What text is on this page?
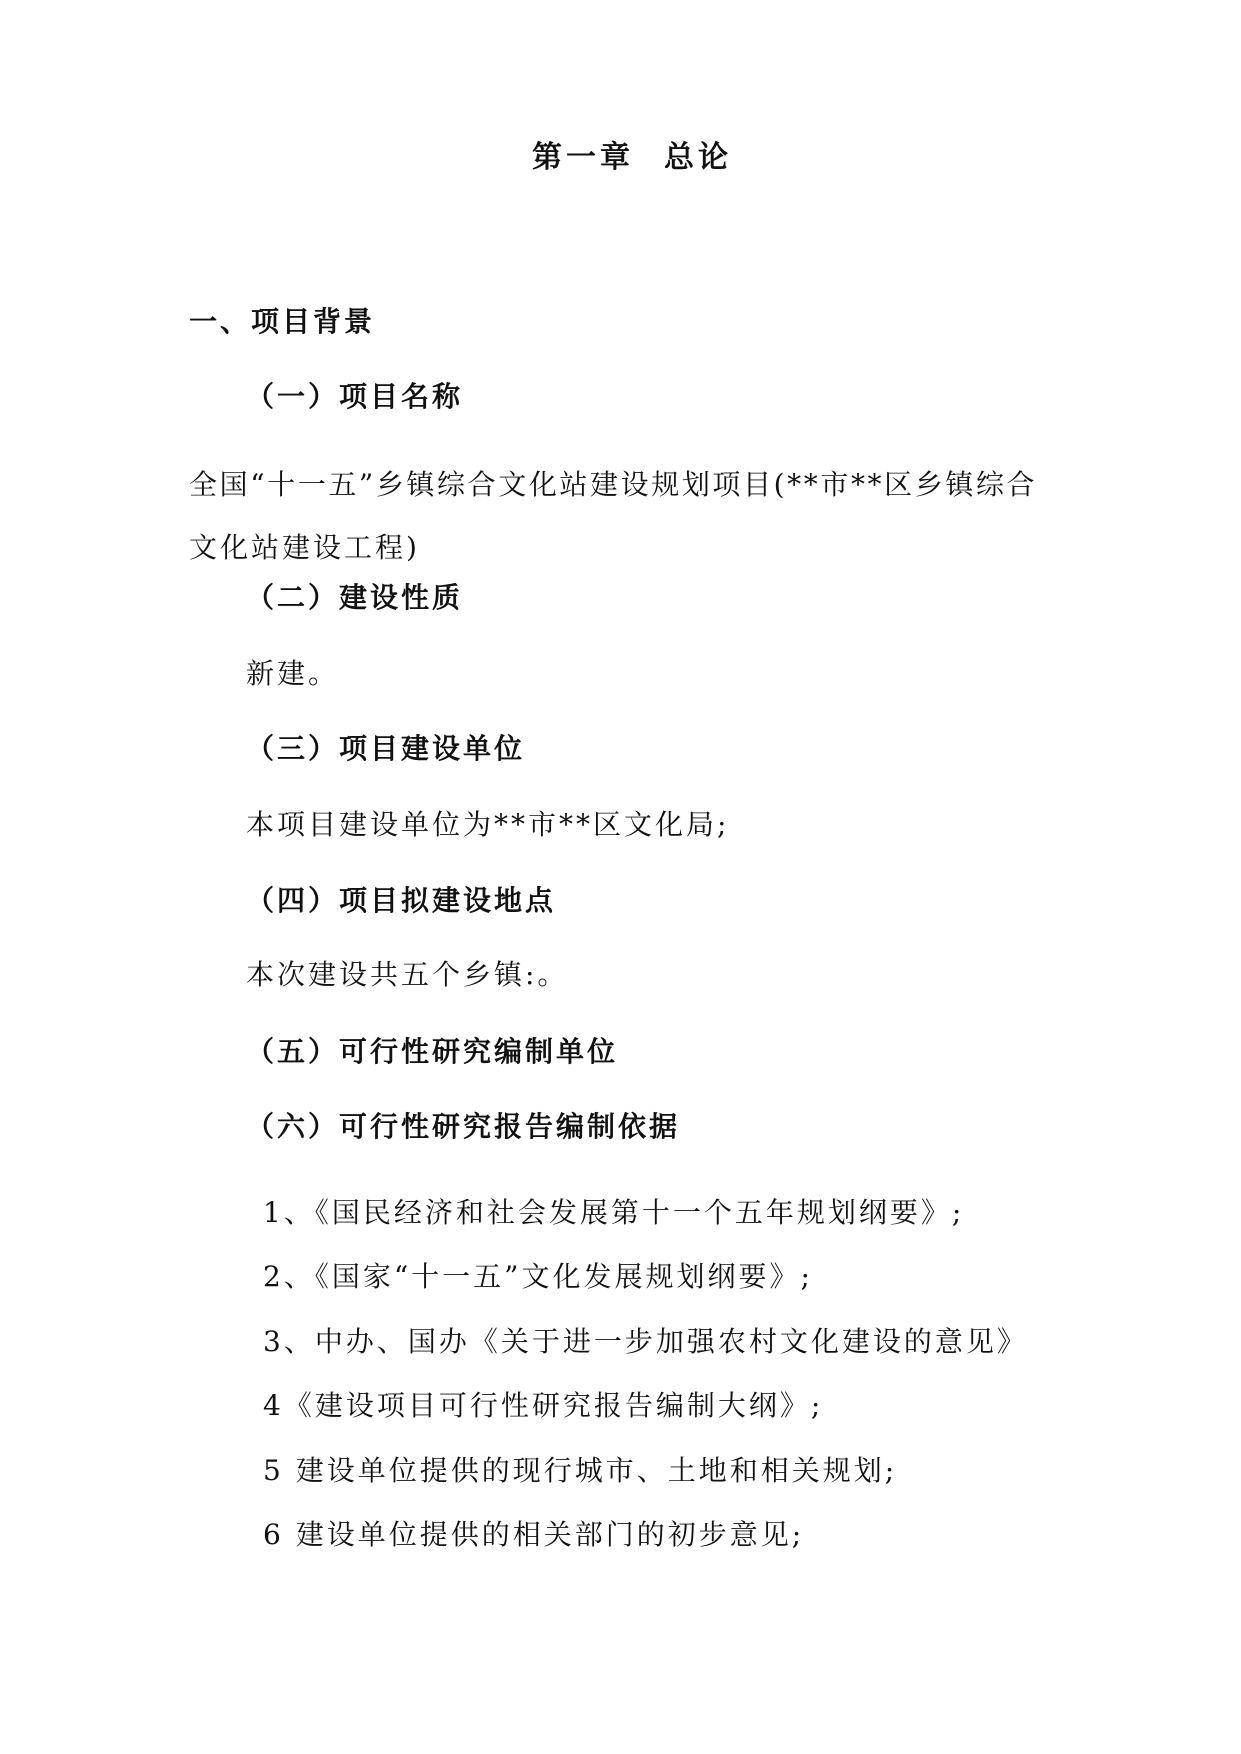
第一章 总论
一、项目背景
（一）项目名称
全国“十一五”乡镇综合文化站建设规划项目(**市**区乡镇综合
文化站建设工程)
（二）建设性质
新建。
（三）项目建设单位
本项目建设单位为**市**区文化局;
（四）项目拟建设地点
本次建设共五个乡镇:。
（五）可行性研究编制单位
（六）可行性研究报告编制依据
1、《国民经济和社会发展第十一个五年规划纲要》;
2、《国家“十一五”文化发展规划纲要》;
3、中办、国办《关于进一步加强农村文化建设的意见》
4《建设项目可行性研究报告编制大纲》;
5 建设单位提供的现行城市、土地和相关规划;
6 建设单位提供的相关部门的初步意见;
